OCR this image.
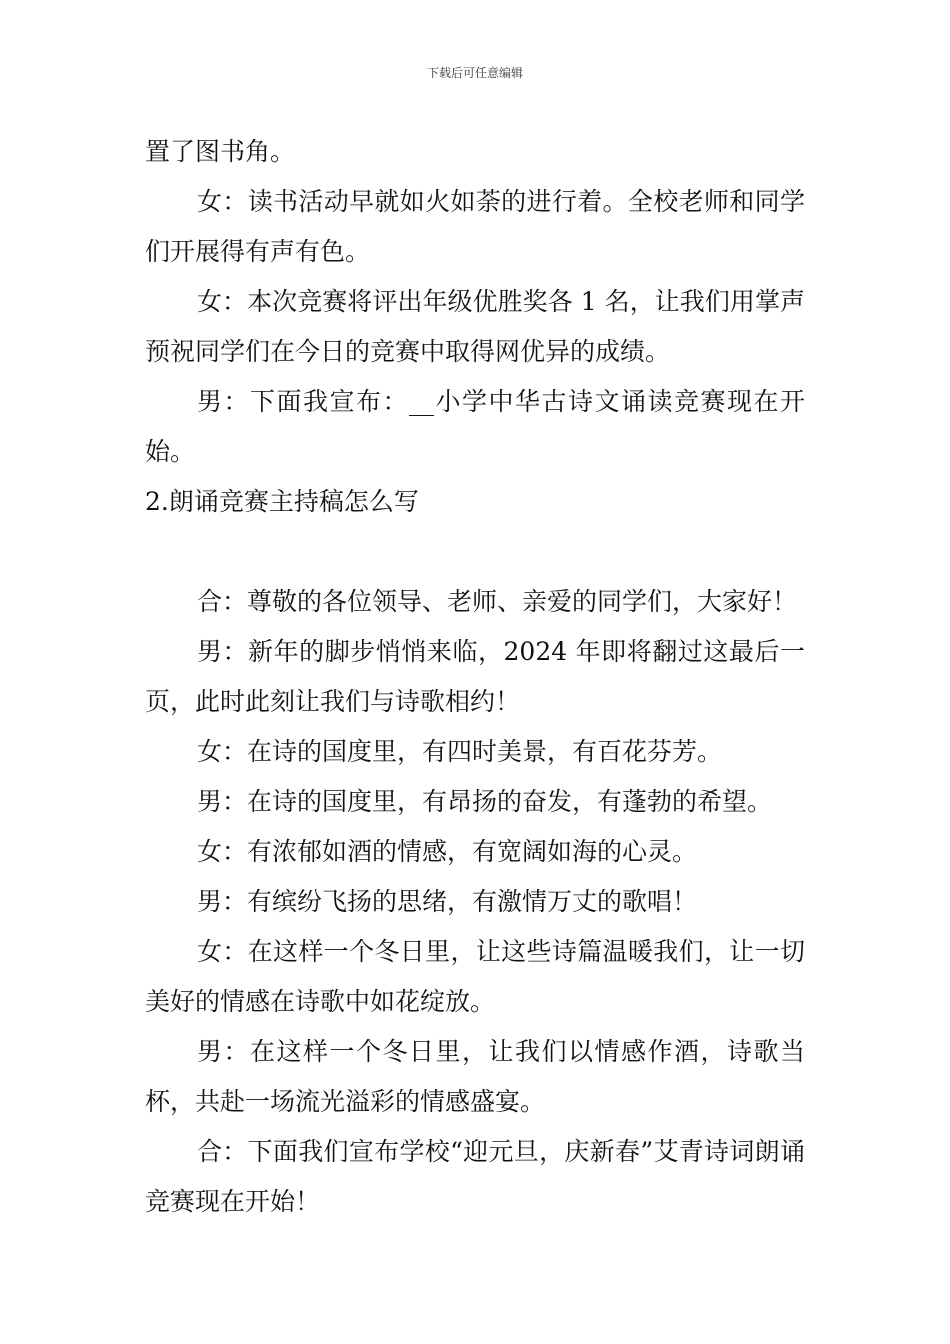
下载后可任意编辑

置了图书角。

女：读书活动早就如火如荼的进行着。全校老师和同学们开展得有声有色。

女：本次竞赛将评出年级优胜奖各 1 名，让我们用掌声预祝同学们在今日的竞赛中取得网优异的成绩。

男：下面我宣布：__小学中华古诗文诵读竞赛现在开始。

2.朗诵竞赛主持稿怎么写

合：尊敬的各位领导、老师、亲爱的同学们，大家好！

男：新年的脚步悄悄来临，2024 年即将翻过这最后一页，此时此刻让我们与诗歌相约！

女：在诗的国度里，有四时美景，有百花芬芳。

男：在诗的国度里，有昂扬的奋发，有蓬勃的希望。

女：有浓郁如酒的情感，有宽阔如海的心灵。

男：有缤纷飞扬的思绪，有激情万丈的歌唱！

女：在这样一个冬日里，让这些诗篇温暖我们，让一切美好的情感在诗歌中如花绽放。

男：在这样一个冬日里，让我们以情感作酒，诗歌当杯，共赴一场流光溢彩的情感盛宴。

合：下面我们宣布学校“迎元旦，庆新春”艾青诗词朗诵竞赛现在开始！
